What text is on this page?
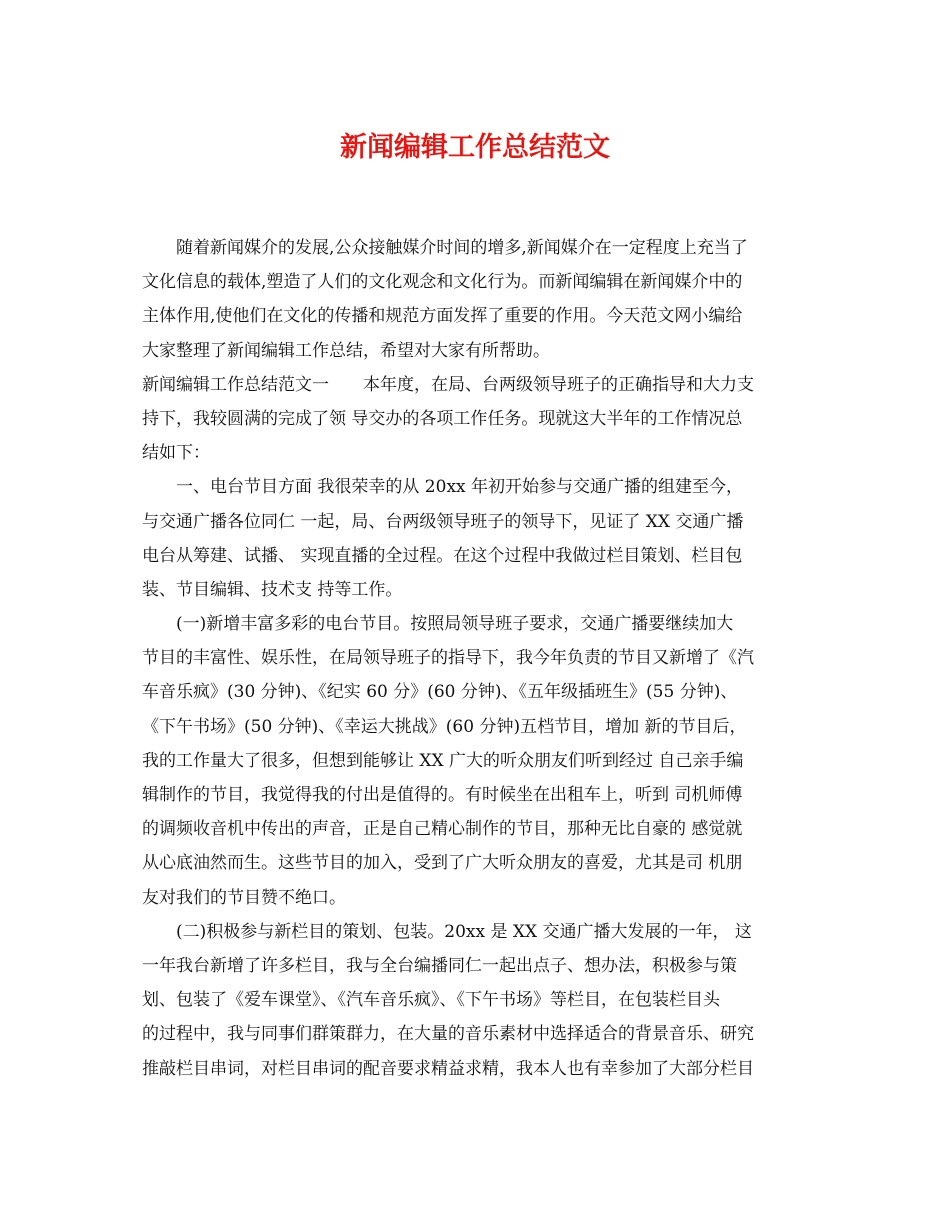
新闻编辑工作总结范文
随着新闻媒介的发展,公众接触媒介时间的增多,新闻媒介在一定程度上充当了
文化信息的载体,塑造了人们的文化观念和文化行为。而新闻编辑在新闻媒介中的
主体作用,使他们在文化的传播和规范方面发挥了重要的作用。今天范文网小编给
大家整理了新闻编辑工作总结，希望对大家有所帮助。
新闻编辑工作总结范文一　　本年度，在局、台两级领导班子的正确指导和大力支
持下，我较圆满的完成了领 导交办的各项工作任务。现就这大半年的工作情况总
结如下：
一、电台节目方面 我很荣幸的从 20xx 年初开始参与交通广播的组建至今，
与交通广播各位同仁 一起，局、台两级领导班子的领导下，见证了 XX 交通广播
电台从筹建、试播、 实现直播的全过程。在这个过程中我做过栏目策划、栏目包
装、节目编辑、技术支 持等工作。
(一)新增丰富多彩的电台节目。按照局领导班子要求，交通广播要继续加大
节目的丰富性、娱乐性，在局领导班子的指导下，我今年负责的节目又新增了《汽
车音乐疯》(30 分钟)、《纪实 60 分》(60 分钟)、《五年级插班生》(55 分钟)、
《下午书场》(50 分钟)、《幸运大挑战》(60 分钟)五档节目，增加 新的节目后，
我的工作量大了很多，但想到能够让 XX 广大的听众朋友们听到经过 自己亲手编
辑制作的节目，我觉得我的付出是值得的。有时候坐在出租车上，听到 司机师傅
的调频收音机中传出的声音，正是自己精心制作的节目，那种无比自豪的 感觉就
从心底油然而生。这些节目的加入，受到了广大听众朋友的喜爱，尤其是司 机朋
友对我们的节目赞不绝口。
(二)积极参与新栏目的策划、包装。20xx 是 XX 交通广播大发展的一年， 这
一年我台新增了许多栏目，我与全台编播同仁一起出点子、想办法，积极参与策
划、包装了《爱车课堂》、《汽车音乐疯》、《下午书场》等栏目，在包装栏目头
的过程中，我与同事们群策群力，在大量的音乐素材中选择适合的背景音乐、研究
推敲栏目串词，对栏目串词的配音要求精益求精，我本人也有幸参加了大部分栏目
